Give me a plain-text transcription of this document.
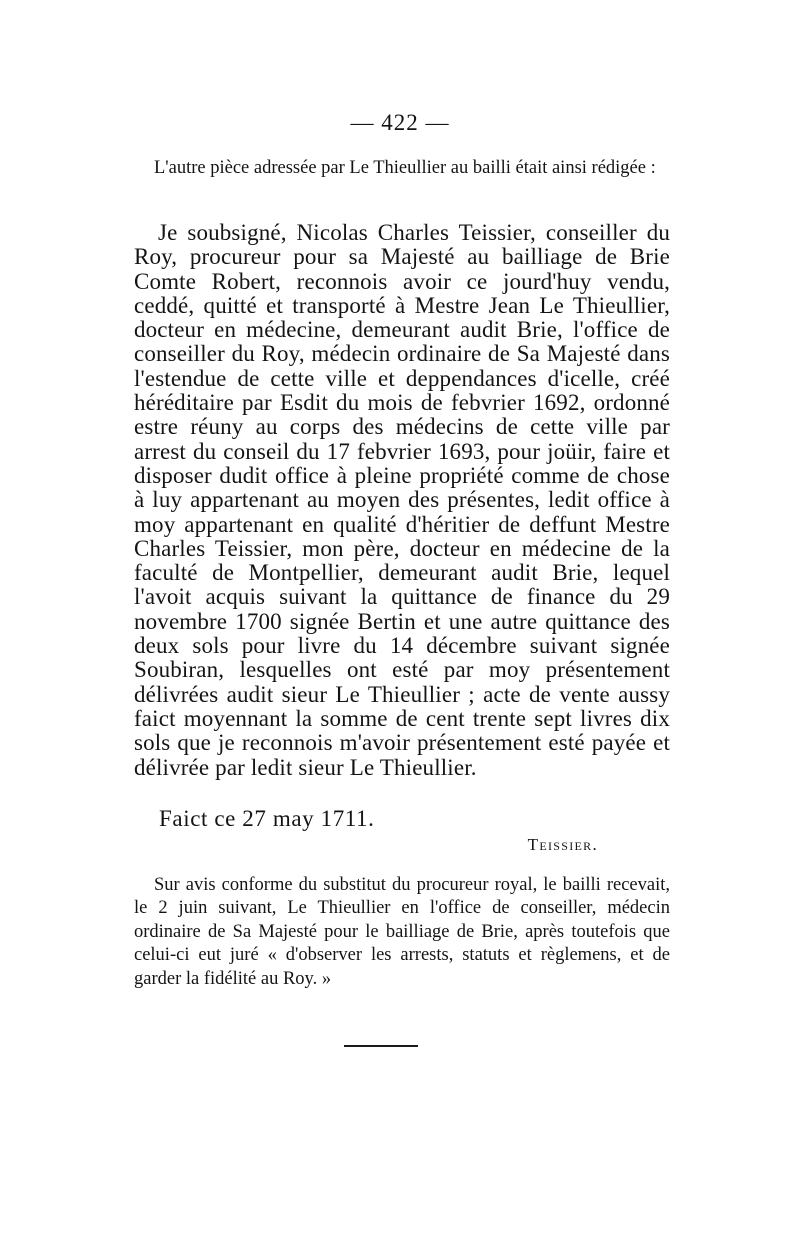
— 422 —

L'autre pièce adressée par Le Thieullier au bailli était ainsi rédigée :

Je soubsigné, Nicolas Charles Teissier, conseiller du Roy, procureur pour sa Majesté au bailliage de Brie Comte Robert, reconnois avoir ce jourd'huy vendu, ceddé, quitté et transporté à Mestre Jean Le Thieullier, docteur en médecine, demeurant audit Brie, l'office de conseiller du Roy, médecin ordinaire de Sa Majesté dans l'estendue de cette ville et deppendances d'icelle, créé héréditaire par Esdit du mois de febvrier 1692, ordonné estre réuny au corps des médecins de cette ville par arrest du conseil du 17 febvrier 1693, pour joüir, faire et disposer dudit office à pleine propriété comme de chose à luy appartenant au moyen des présentes, ledit office à moy appartenant en qualité d'héritier de deffunt Mestre Charles Teissier, mon père, docteur en médecine de la faculté de Montpellier, demeurant audit Brie, lequel l'avoit acquis suivant la quittance de finance du 29 novembre 1700 signée Bertin et une autre quittance des deux sols pour livre du 14 décembre suivant signée Soubiran, lesquelles ont esté par moy présentement délivrées audit sieur Le Thieullier ; acte de vente aussy faict moyennant la somme de cent trente sept livres dix sols que je reconnois m'avoir présentement esté payée et délivrée par ledit sieur Le Thieullier.

Faict ce 27 may 1711.
Teissier.

Sur avis conforme du substitut du procureur royal, le bailli recevait, le 2 juin suivant, Le Thieullier en l'office de conseiller, médecin ordinaire de Sa Majesté pour le bailliage de Brie, après toutefois que celui-ci eut juré « d'observer les arrests, statuts et règlemens, et de garder la fidélité au Roy. »
